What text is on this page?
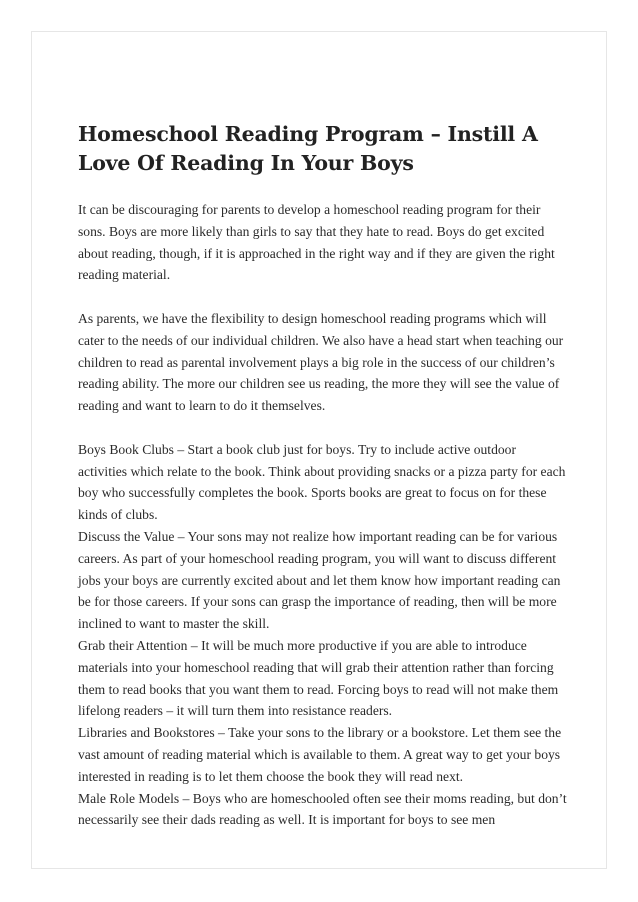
Homeschool Reading Program – Instill A Love Of Reading In Your Boys

It can be discouraging for parents to develop a homeschool reading program for their sons. Boys are more likely than girls to say that they hate to read. Boys do get excited about reading, though, if it is approached in the right way and if they are given the right reading material.

As parents, we have the flexibility to design homeschool reading programs which will cater to the needs of our individual children. We also have a head start when teaching our children to read as parental involvement plays a big role in the success of our children’s reading ability. The more our children see us reading, the more they will see the value of reading and want to learn to do it themselves.

Boys Book Clubs – Start a book club just for boys. Try to include active outdoor activities which relate to the book. Think about providing snacks or a pizza party for each boy who successfully completes the book. Sports books are great to focus on for these kinds of clubs.

Discuss the Value – Your sons may not realize how important reading can be for various careers. As part of your homeschool reading program, you will want to discuss different jobs your boys are currently excited about and let them know how important reading can be for those careers. If your sons can grasp the importance of reading, then will be more inclined to want to master the skill.

Grab their Attention – It will be much more productive if you are able to introduce materials into your homeschool reading that will grab their attention rather than forcing them to read books that you want them to read. Forcing boys to read will not make them lifelong readers – it will turn them into resistance readers.

Libraries and Bookstores – Take your sons to the library or a bookstore. Let them see the vast amount of reading material which is available to them. A great way to get your boys interested in reading is to let them choose the book they will read next.

Male Role Models – Boys who are homeschooled often see their moms reading, but don’t necessarily see their dads reading as well. It is important for boys to see men
